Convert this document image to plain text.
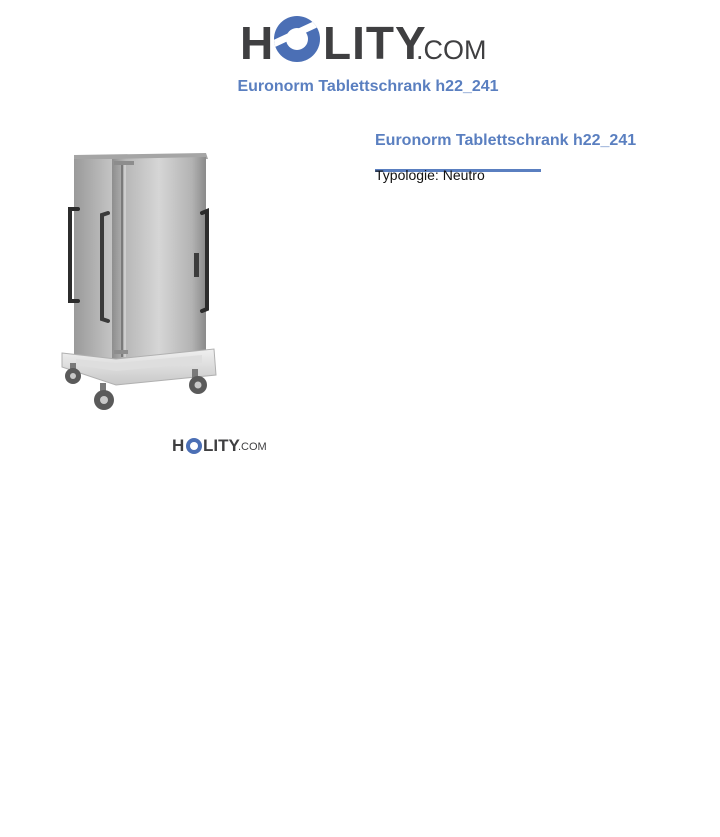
H LITY
.COM
Euronorm Tablettschrank h22_241
H LITY
.COM
Euronorm Tablettschrank h22_241
Typologie: Neutro
